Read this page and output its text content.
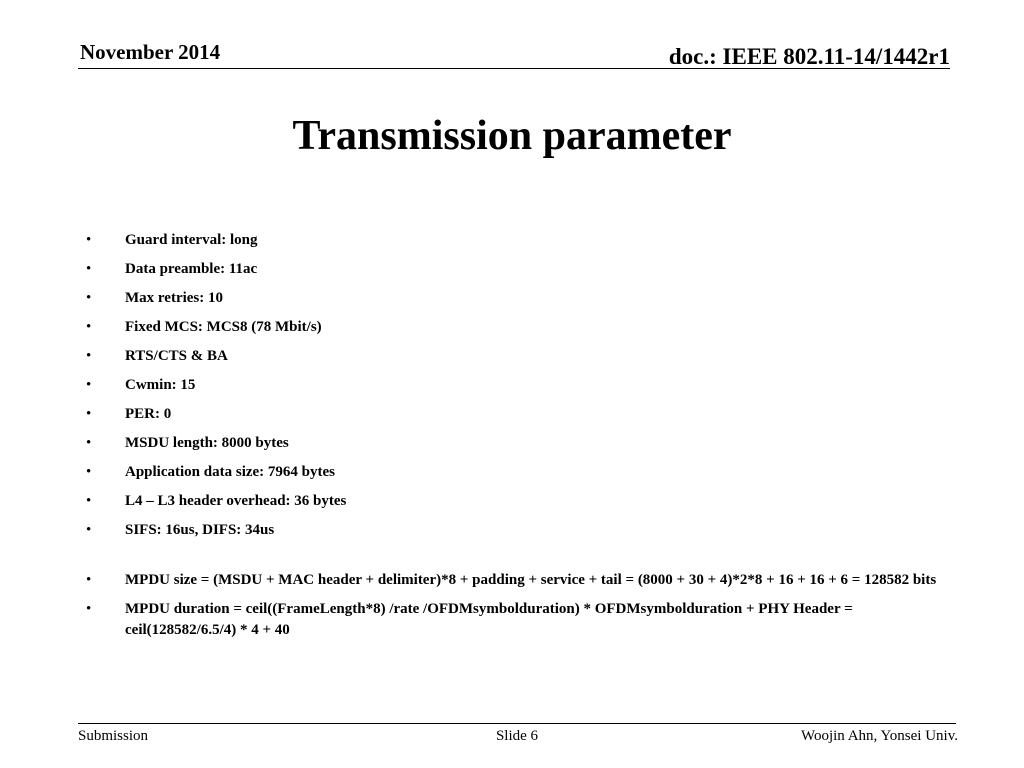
November 2014	doc.: IEEE 802.11-14/1442r1
Transmission parameter
• Guard interval: long
• Data preamble: 11ac
• Max retries: 10
• Fixed MCS: MCS8 (78 Mbit/s)
• RTS/CTS & BA
• Cwmin: 15
• PER: 0
• MSDU length: 8000 bytes
• Application data size: 7964 bytes
• L4 – L3 header overhead: 36 bytes
• SIFS: 16us, DIFS: 34us
• MPDU size = (MSDU + MAC header + delimiter)*8 + padding + service + tail = (8000 + 30 + 4)*2*8 + 16 + 16 + 6 = 128582 bits
• MPDU duration = ceil((FrameLength*8) /rate /OFDMsymbolduration) * OFDMsymbolduration + PHY Header = ceil(128582/6.5/4) * 4 + 40
Submission	Slide 6	Woojin Ahn, Yonsei Univ.
